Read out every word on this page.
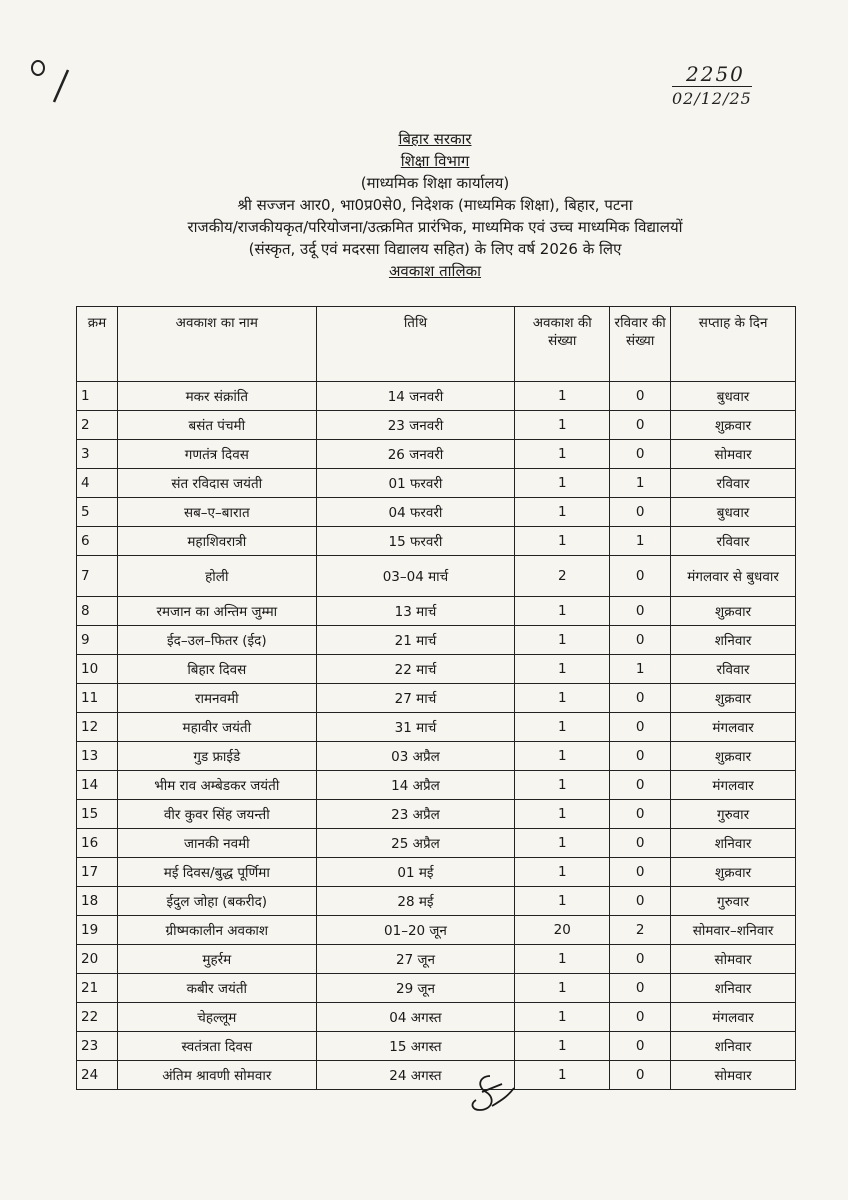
2250
02/12/25
बिहार सरकार
शिक्षा विभाग
(माध्यमिक शिक्षा कार्यालय)
श्री सज्जन आर0, भा0प्र0से0, निदेशक (माध्यमिक शिक्षा), बिहार, पटना
राजकीय/राजकीयकृत/परियोजना/उत्क्रमित प्रारंभिक, माध्यमिक एवं उच्च माध्यमिक विद्यालयों
(संस्कृत, उर्दू एवं मदरसा विद्यालय सहित) के लिए वर्ष 2026 के लिए
अवकाश तालिका
क्रम	अवकाश का नाम	तिथि	अवकाश की संख्या	रविवार की संख्या	सप्ताह के दिन
1	मकर संक्रांति	14 जनवरी	1	0	बुधवार
2	बसंत पंचमी	23 जनवरी	1	0	शुक्रवार
3	गणतंत्र दिवस	26 जनवरी	1	0	सोमवार
4	संत रविदास जयंती	01 फरवरी	1	1	रविवार
5	सब–ए–बारात	04 फरवरी	1	0	बुधवार
6	महाशिवरात्री	15 फरवरी	1	1	रविवार
7	होली	03–04 मार्च	2	0	मंगलवार से बुधवार
8	रमजान का अन्तिम जुम्मा	13 मार्च	1	0	शुक्रवार
9	ईद–उल–फितर (ईद)	21 मार्च	1	0	शनिवार
10	बिहार दिवस	22 मार्च	1	1	रविवार
11	रामनवमी	27 मार्च	1	0	शुक्रवार
12	महावीर जयंती	31 मार्च	1	0	मंगलवार
13	गुड फ्राईडे	03 अप्रैल	1	0	शुक्रवार
14	भीम राव अम्बेडकर जयंती	14 अप्रैल	1	0	मंगलवार
15	वीर कुवर सिंह जयन्ती	23 अप्रैल	1	0	गुरुवार
16	जानकी नवमी	25 अप्रैल	1	0	शनिवार
17	मई दिवस/बुद्ध पूर्णिमा	01 मई	1	0	शुक्रवार
18	ईदुल जोहा (बकरीद)	28 मई	1	0	गुरुवार
19	ग्रीष्मकालीन अवकाश	01–20 जून	20	2	सोमवार–शनिवार
20	मुहर्रम	27 जून	1	0	सोमवार
21	कबीर जयंती	29 जून	1	0	शनिवार
22	चेहल्लूम	04 अगस्त	1	0	मंगलवार
23	स्वतंत्रता दिवस	15 अगस्त	1	0	शनिवार
24	अंतिम श्रावणी सोमवार	24 अगस्त	1	0	सोमवार
